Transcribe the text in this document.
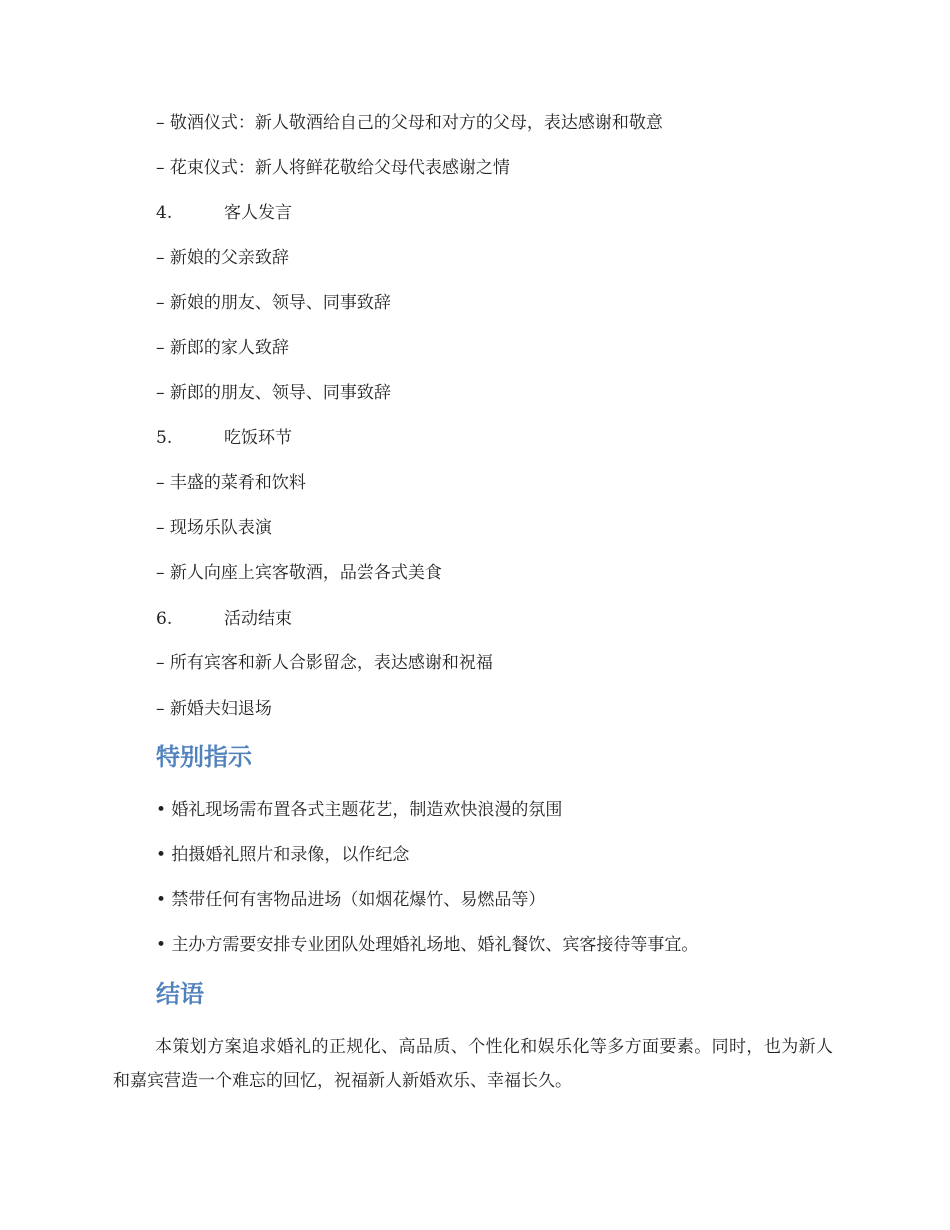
– 敬酒仪式：新人敬酒给自己的父母和对方的父母，表达感谢和敬意
– 花束仪式：新人将鲜花敬给父母代表感谢之情
4.	客人发言
– 新娘的父亲致辞
– 新娘的朋友、领导、同事致辞
– 新郎的家人致辞
– 新郎的朋友、领导、同事致辞
5.	吃饭环节
– 丰盛的菜肴和饮料
– 现场乐队表演
– 新人向座上宾客敬酒，品尝各式美食
6.	活动结束
– 所有宾客和新人合影留念，表达感谢和祝福
– 新婚夫妇退场
特别指示
• 婚礼现场需布置各式主题花艺，制造欢快浪漫的氛围
• 拍摄婚礼照片和录像，以作纪念
• 禁带任何有害物品进场（如烟花爆竹、易燃品等）
• 主办方需要安排专业团队处理婚礼场地、婚礼餐饮、宾客接待等事宜。
结语
本策划方案追求婚礼的正规化、高品质、个性化和娱乐化等多方面要素。同时，也为新人和嘉宾营造一个难忘的回忆，祝福新人新婚欢乐、幸福长久。
